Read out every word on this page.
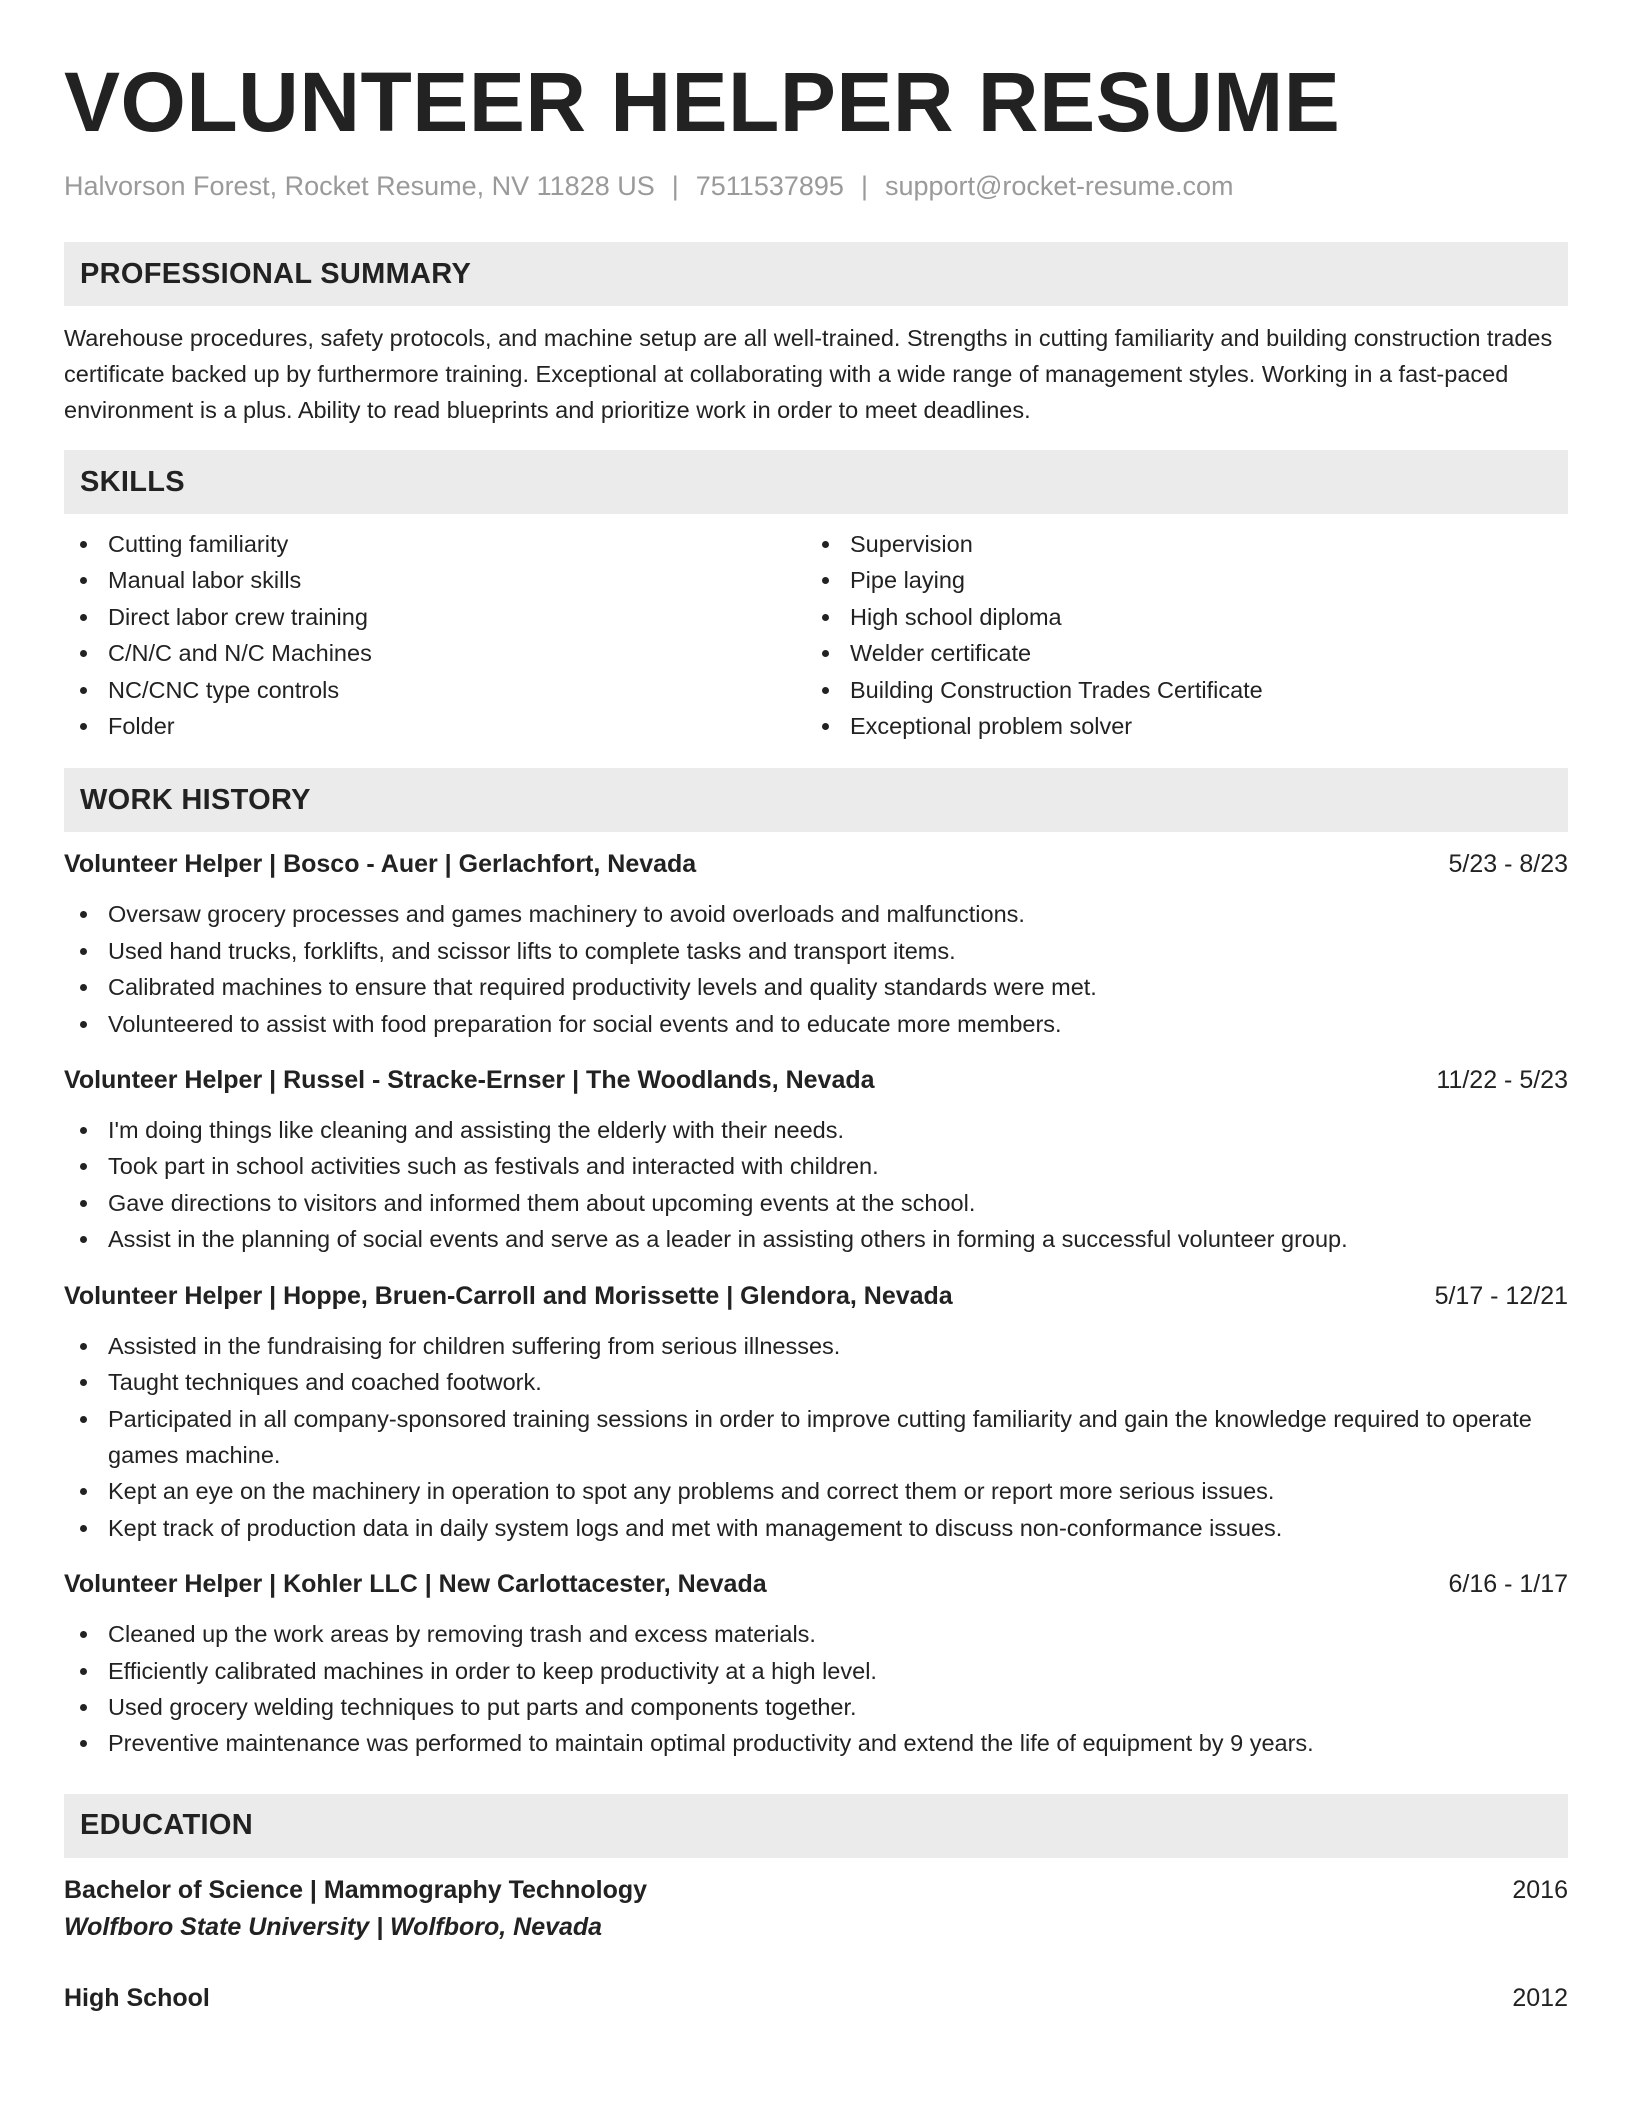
VOLUNTEER HELPER RESUME
Halvorson Forest, Rocket Resume, NV 11828 US | 7511537895 | support@rocket-resume.com
PROFESSIONAL SUMMARY

Warehouse procedures, safety protocols, and machine setup are all well-trained. Strengths in cutting familiarity and building construction trades certificate backed up by furthermore training. Exceptional at collaborating with a wide range of management styles. Working in a fast-paced environment is a plus. Ability to read blueprints and prioritize work in order to meet deadlines.

SKILLS
Cutting familiarity
Manual labor skills
Direct labor crew training
C/N/C and N/C Machines
NC/CNC type controls
Folder
Supervision
Pipe laying
High school diploma
Welder certificate
Building Construction Trades Certificate
Exceptional problem solver
WORK HISTORY
Volunteer Helper | Bosco - Auer | Gerlachfort, Nevada	5/23 - 8/23
Oversaw grocery processes and games machinery to avoid overloads and malfunctions.
Used hand trucks, forklifts, and scissor lifts to complete tasks and transport items.
Calibrated machines to ensure that required productivity levels and quality standards were met.
Volunteered to assist with food preparation for social events and to educate more members.
Volunteer Helper | Russel - Stracke-Ernser | The Woodlands, Nevada	11/22 - 5/23
I'm doing things like cleaning and assisting the elderly with their needs.
Took part in school activities such as festivals and interacted with children.
Gave directions to visitors and informed them about upcoming events at the school.
Assist in the planning of social events and serve as a leader in assisting others in forming a successful volunteer group.
Volunteer Helper | Hoppe, Bruen-Carroll and Morissette | Glendora, Nevada	5/17 - 12/21
Assisted in the fundraising for children suffering from serious illnesses.
Taught techniques and coached footwork.
Participated in all company-sponsored training sessions in order to improve cutting familiarity and gain the knowledge required to operate games machine.
Kept an eye on the machinery in operation to spot any problems and correct them or report more serious issues.
Kept track of production data in daily system logs and met with management to discuss non-conformance issues.
Volunteer Helper | Kohler LLC | New Carlottacester, Nevada	6/16 - 1/17
Cleaned up the work areas by removing trash and excess materials.
Efficiently calibrated machines in order to keep productivity at a high level.
Used grocery welding techniques to put parts and components together.
Preventive maintenance was performed to maintain optimal productivity and extend the life of equipment by 9 years.
EDUCATION
Bachelor of Science | Mammography Technology	2016
Wolfboro State University | Wolfboro, Nevada
High School	2012
